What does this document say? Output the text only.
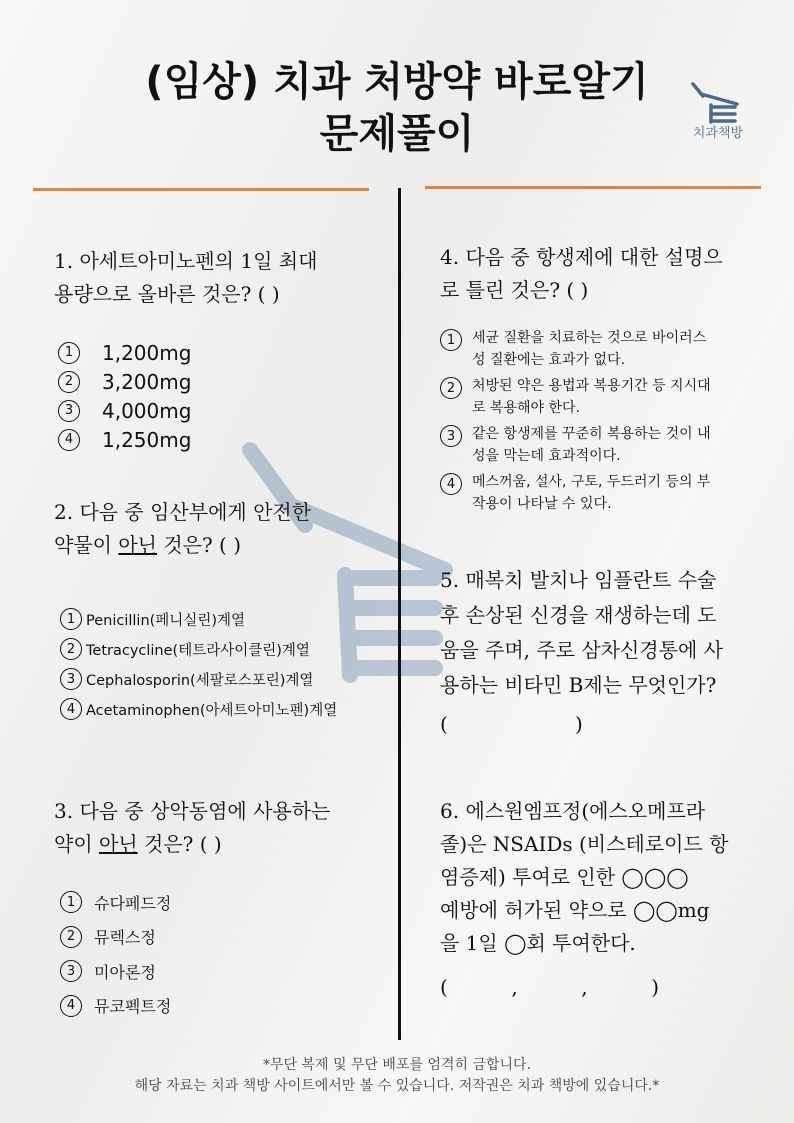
(임상) 치과 처방약 바로알기
문제풀이	치과책방
1. 아세트아미노펜의 1일 최대
용량으로 올바른 것은? ( )
1	1,200mg
2	3,200mg
3	4,000mg
4	1,250mg
2. 다음 중 임산부에게 안전한
약물이 아닌 것은? ( )
1 Penicillin(페니실린)계열
2 Tetracycline(테트라사이클린)계열
3 Cephalosporin(세팔로스포린)계열
4 Acetaminophen(아세트아미노펜)계열
3. 다음 중 상악동염에 사용하는
약이 아닌 것은? ( )
1	슈다페드정
2	뮤렉스정
3	미아론정
4	뮤코펙트정
4. 다음 중 항생제에 대한 설명으
로 틀린 것은? ( )
1	세균 질환을 치료하는 것으로 바이러스
성 질환에는 효과가 없다.
2	처방된 약은 용법과 복용기간 등 지시대
로 복용해야 한다.
3	같은 항생제를 꾸준히 복용하는 것이 내
성을 막는데 효과적이다.
4	메스꺼움, 설사, 구토, 두드러기 등의 부
작용이 나타날 수 있다.
5. 매복치 발치나 임플란트 수술
후 손상된 신경을 재생하는데 도
움을 주며, 주로 삼차신경통에 사
용하는 비타민 B제는 무엇인가?
(                    )
6. 에스원엠프정(에스오메프라
졸)은 NSAIDs (비스테로이드 항
염증제) 투여로 인한 ◯◯◯
예방에 허가된 약으로 ◯◯mg
을 1일 ◯회 투여한다.
(          ,          ,          )
*무단 복제 및 무단 배포를 엄격히 금합니다.
해당 자료는 치과 책방 사이트에서만 볼 수 있습니다. 저작권은 치과 책방에 있습니다.*
